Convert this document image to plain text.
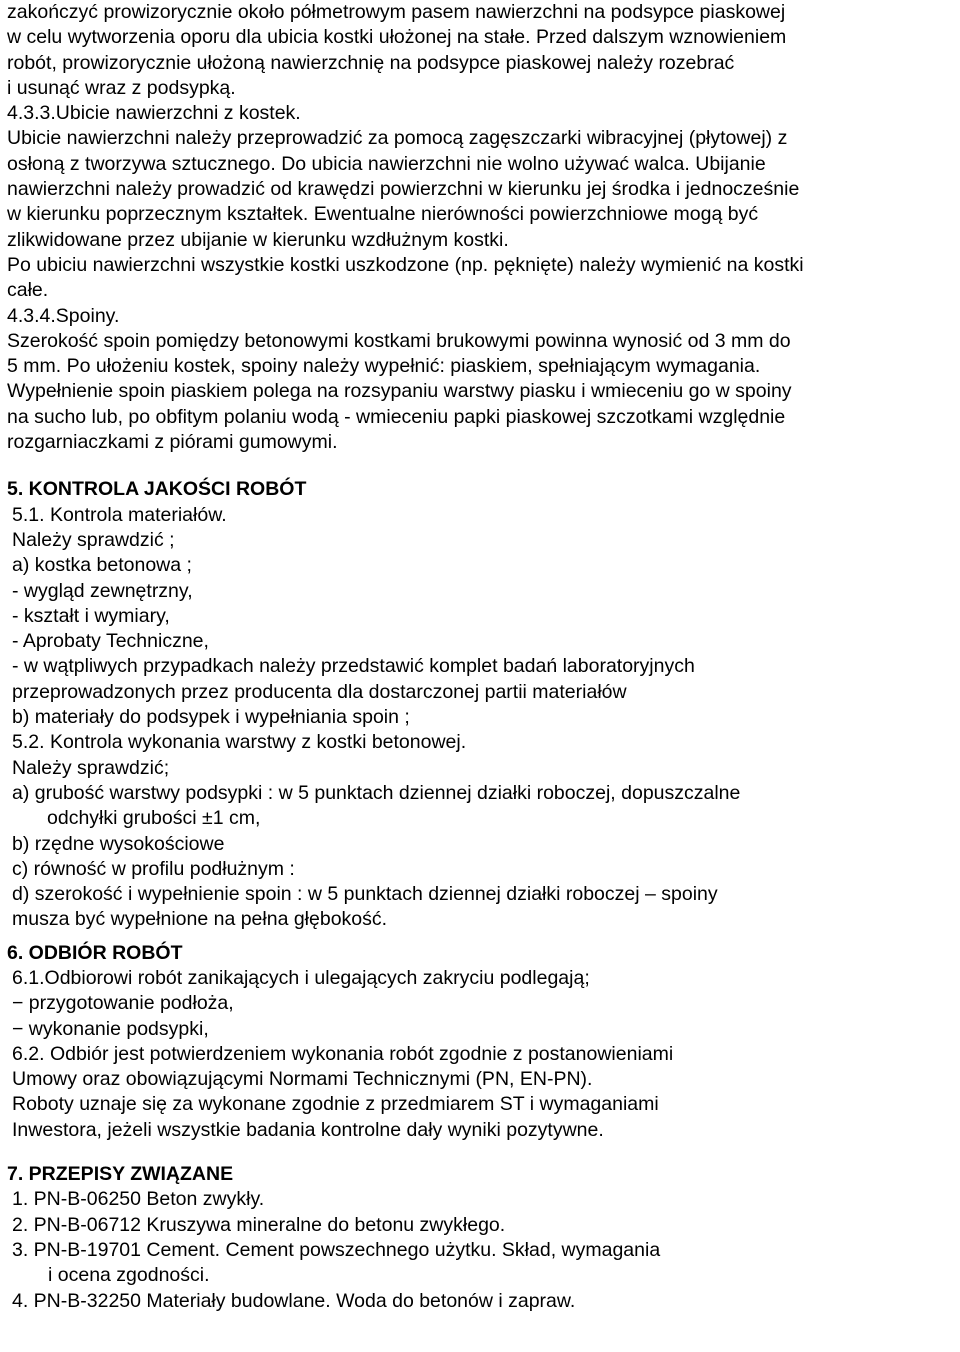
zakończyć prowizorycznie około półmetrowym pasem nawierzchni na podsypce piaskowej
w celu wytworzenia oporu dla ubicia kostki ułożonej na stałe. Przed dalszym wznowieniem
robót, prowizorycznie ułożoną nawierzchnię na podsypce piaskowej należy rozebrać
i usunąć wraz z podsypką.
4.3.3.Ubicie nawierzchni z kostek.
Ubicie nawierzchni należy przeprowadzić za pomocą zagęszczarki wibracyjnej (płytowej) z
osłoną z tworzywa sztucznego. Do ubicia nawierzchni nie wolno używać walca. Ubijanie
nawierzchni należy prowadzić od krawędzi powierzchni w kierunku jej środka i jednocześnie
w kierunku poprzecznym kształtek. Ewentualne nierówności powierzchniowe mogą być
zlikwidowane przez ubijanie w kierunku wzdłużnym kostki.
Po ubiciu nawierzchni wszystkie kostki uszkodzone (np. pęknięte) należy wymienić na kostki
całe.
4.3.4.Spoiny.
Szerokość spoin pomiędzy betonowymi kostkami brukowymi powinna wynosić od 3 mm do
5 mm. Po ułożeniu kostek, spoiny należy wypełnić: piaskiem, spełniającym wymagania.
Wypełnienie spoin piaskiem polega na rozsypaniu warstwy piasku i wmieceniu go w spoiny
na sucho lub, po obfitym polaniu wodą - wmieceniu papki piaskowej szczotkami względnie
rozgarniaczkami z piórami gumowymi.
5. KONTROLA JAKOŚCI ROBÓT
5.1. Kontrola materiałów.
Należy sprawdzić ;
a) kostka betonowa ;
- wygląd zewnętrzny,
- kształt i wymiary,
- Aprobaty Techniczne,
- w wątpliwych przypadkach należy przedstawić komplet badań laboratoryjnych
przeprowadzonych przez producenta dla dostarczonej partii materiałów
b) materiały do podsypek i wypełniania spoin ;
5.2. Kontrola wykonania warstwy z kostki betonowej.
Należy sprawdzić;
a) grubość warstwy podsypki : w 5 punktach dziennej działki roboczej, dopuszczalne
odchyłki grubości ±1 cm,
b) rzędne wysokościowe
c) równość w profilu podłużnym :
d) szerokość i wypełnienie spoin : w 5 punktach dziennej działki roboczej – spoiny
musza być wypełnione na pełna głębokość.
6. ODBIÓR ROBÓT
6.1.Odbiorowi robót zanikających i ulegających zakryciu podlegają;
− przygotowanie podłoża,
− wykonanie podsypki,
6.2. Odbiór jest potwierdzeniem wykonania robót zgodnie z postanowieniami
Umowy oraz obowiązującymi Normami Technicznymi (PN, EN-PN).
Roboty uznaje się za wykonane zgodnie z przedmiarem ST i wymaganiami
Inwestora, jeżeli wszystkie badania kontrolne dały wyniki pozytywne.
7. PRZEPISY ZWIĄZANE
1. PN-B-06250 Beton zwykły.
2. PN-B-06712 Kruszywa mineralne do betonu zwykłego.
3. PN-B-19701 Cement. Cement powszechnego użytku. Skład, wymagania
i ocena zgodności.
4. PN-B-32250 Materiały budowlane. Woda do betonów i zapraw.
